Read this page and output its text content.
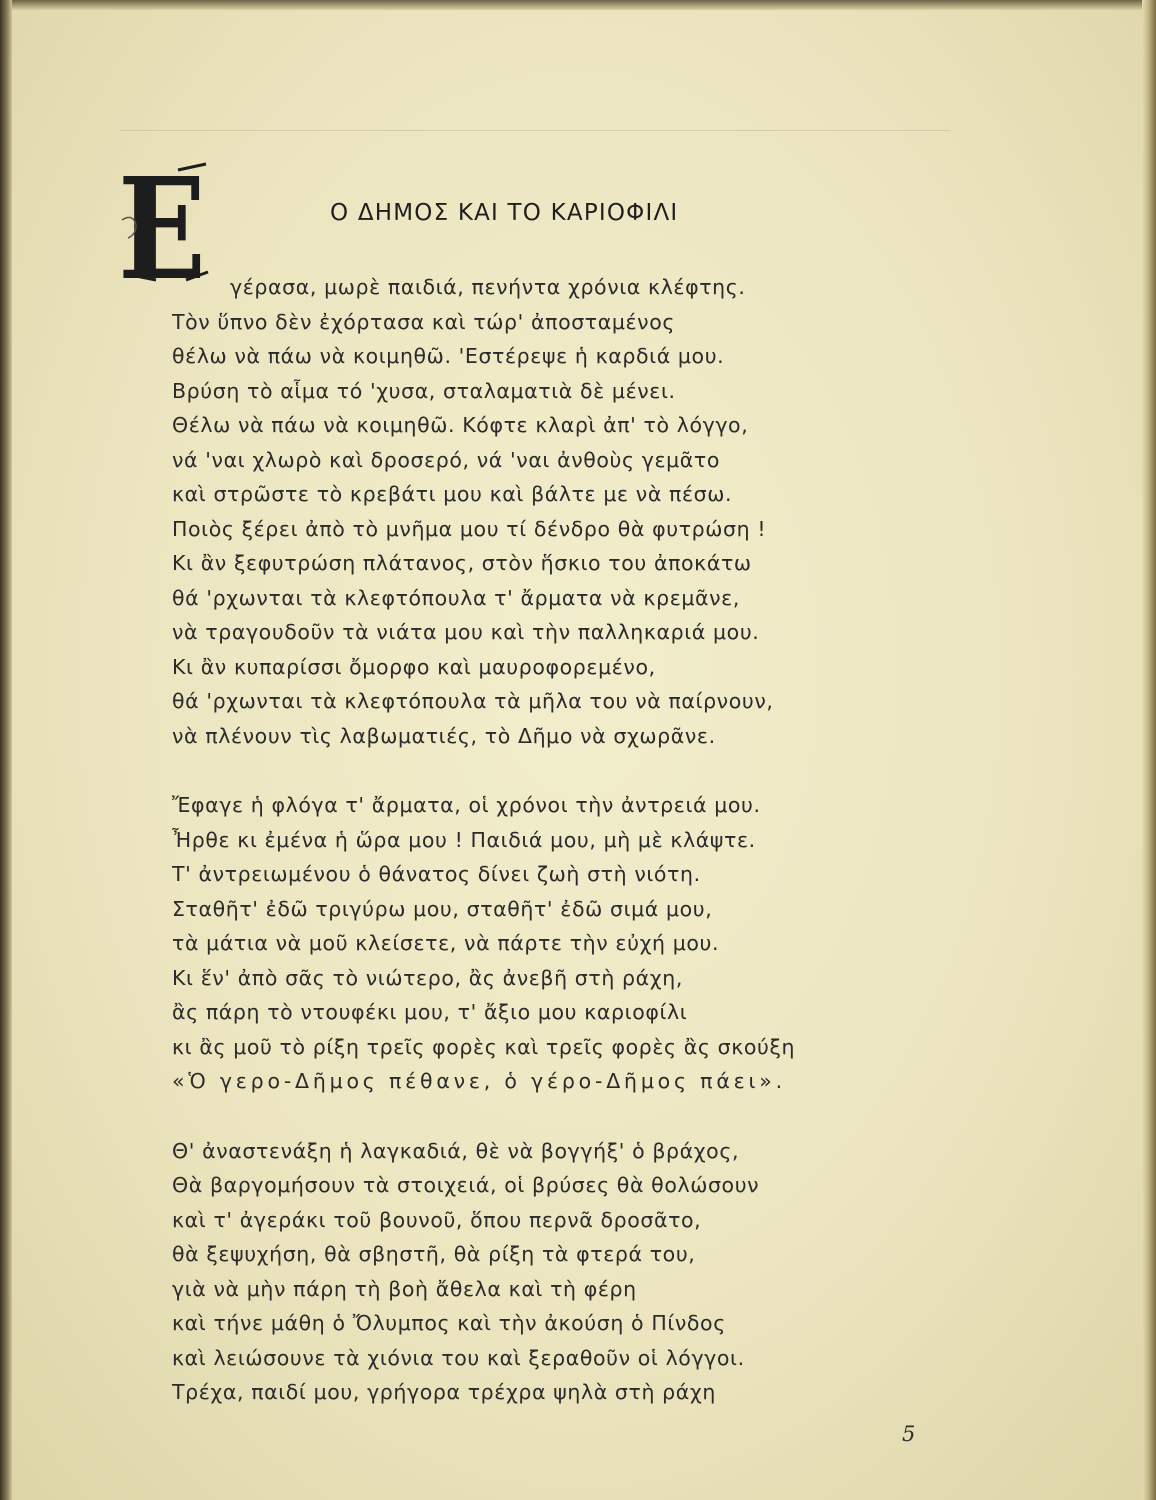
Ε	Ο ΔΗΜΟΣ ΚΑΙ ΤΟ ΚΑΡΙΟΦΙΛΙ
γέρασα, μωρὲ παιδιά, πενήντα χρόνια κλέφτης.
Τὸν ὕπνο δὲν ἐχόρτασα καὶ τώρ' ἀποσταμένος
θέλω νὰ πάω νὰ κοιμηθῶ. 'Εστέρεψε ἡ καρδιά μου.
Βρύση τὸ αἷμα τό 'χυσα, σταλαματιὰ δὲ μένει.
Θέλω νὰ πάω νὰ κοιμηθῶ. Κόφτε κλαρὶ ἀπ' τὸ λόγγο,
νά 'ναι χλωρὸ καὶ δροσερό, νά 'ναι ἀνθοὺς γεμᾶτο
καὶ στρῶστε τὸ κρεβάτι μου καὶ βάλτε με νὰ πέσω.
Ποιὸς ξέρει ἀπὸ τὸ μνῆμα μου τί δένδρο θὰ φυτρώση !
Κι ἂν ξεφυτρώση πλάτανος, στὸν ἥσκιο του ἀποκάτω
θά 'ρχωνται τὰ κλεφτόπουλα τ' ἄρματα νὰ κρεμᾶνε,
νὰ τραγουδοῦν τὰ νιάτα μου καὶ τὴν παλληκαριά μου.
Κι ἂν κυπαρίσσι ὄμορφο καὶ μαυροφορεμένο,
θά 'ρχωνται τὰ κλεφτόπουλα τὰ μῆλα του νὰ παίρνουν,
νὰ πλένουν τὶς λαβωματιές, τὸ Δῆμο νὰ σχωρᾶνε.
Ἔφαγε ἡ φλόγα τ' ἄρματα, οἱ χρόνοι τὴν ἀντρειά μου.
Ἦρθε κι ἐμένα ἡ ὥρα μου ! Παιδιά μου, μὴ μὲ κλάψτε.
Τ' ἀντρειωμένου ὁ θάνατος δίνει ζωὴ στὴ νιότη.
Σταθῆτ' ἐδῶ τριγύρω μου, σταθῆτ' ἐδῶ σιμά μου,
τὰ μάτια νὰ μοῦ κλείσετε, νὰ πάρτε τὴν εὐχή μου.
Κι ἕν' ἀπὸ σᾶς τὸ νιώτερο, ἂς ἀνεβῆ στὴ ράχη,
ἂς πάρη τὸ ντουφέκι μου, τ' ἄξιο μου καριοφίλι
κι ἂς μοῦ τὸ ρίξη τρεῖς φορὲς καὶ τρεῖς φορὲς ἂς σκούξη
«Ὁ γερο-Δῆμος πέθανε, ὁ γέρο-Δῆμος πάει».
Θ' ἀναστενάξη ἡ λαγκαδιά, θὲ νὰ βογγήξ' ὁ βράχος,
Θὰ βαργομήσουν τὰ στοιχειά, οἱ βρύσες θὰ θολώσουν
καὶ τ' ἀγεράκι τοῦ βουνοῦ, ὅπου περνᾶ δροσᾶτο,
θὰ ξεψυχήση, θὰ σβηστῆ, θὰ ρίξη τὰ φτερά του,
γιὰ νὰ μὴν πάρη τὴ βοὴ ἄθελα καὶ τὴ φέρη
καὶ τήνε μάθη ὁ Ὄλυμπος καὶ τὴν ἀκούση ὁ Πίνδος
καὶ λειώσουνε τὰ χιόνια του καὶ ξεραθοῦν οἱ λόγγοι.
Τρέχα, παιδί μου, γρήγορα τρέχρα ψηλὰ στὴ ράχη
5
